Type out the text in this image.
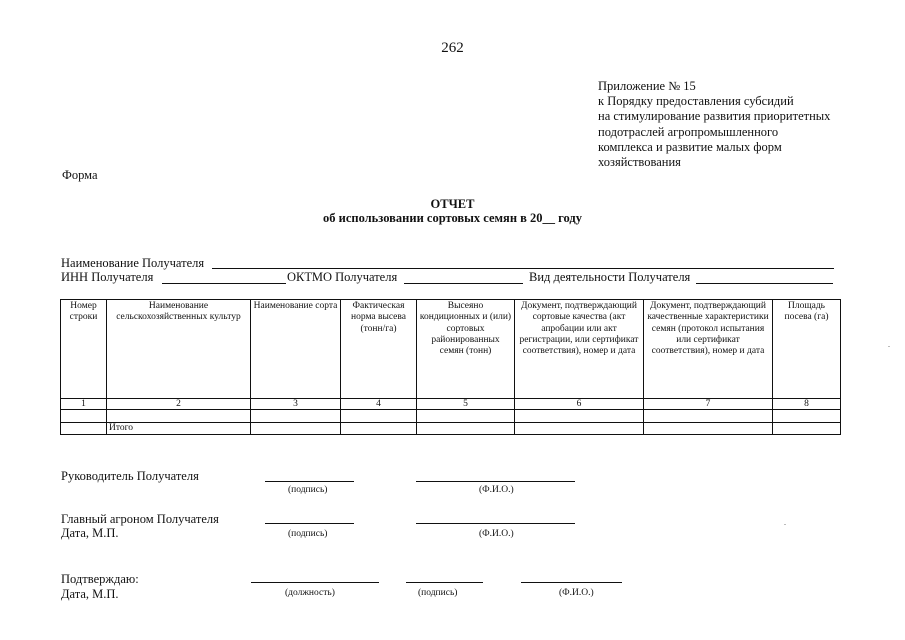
262
Приложение № 15
к Порядку предоставления субсидий
на стимулирование развития приоритетных
подотраслей агропромышленного
комплекса и развитие малых форм
хозяйствования
Форма
ОТЧЕТ
об использовании сортовых семян в 20__ году
Наименование Получателя
ИНН Получателя	ОКТМО Получателя	Вид деятельности Получателя
Номер строки	Наименование сельскохозяйственных культур	Наименование сорта	Фактическая норма высева (тонн/га)	Высеяно кондиционных и (или) сортовых районированных семян (тонн)	Документ, подтверждающий сортовые качества (акт апробации или акт регистрации, или сертификат соответствия), номер и дата	Документ, подтверждающий качественные характеристики семян (протокол испытания или сертификат соответствия), номер и дата	Площадь посева (га)
1	2	3	4	5	6	7	8

	Итого						
Руководитель Получателя
(подпись)	(Ф.И.О.)
Главный агроном Получателя
Дата, М.П.	(подпись)	(Ф.И.О.)
Подтверждаю:
Дата, М.П.	(должность)	(подпись)	(Ф.И.О.)
